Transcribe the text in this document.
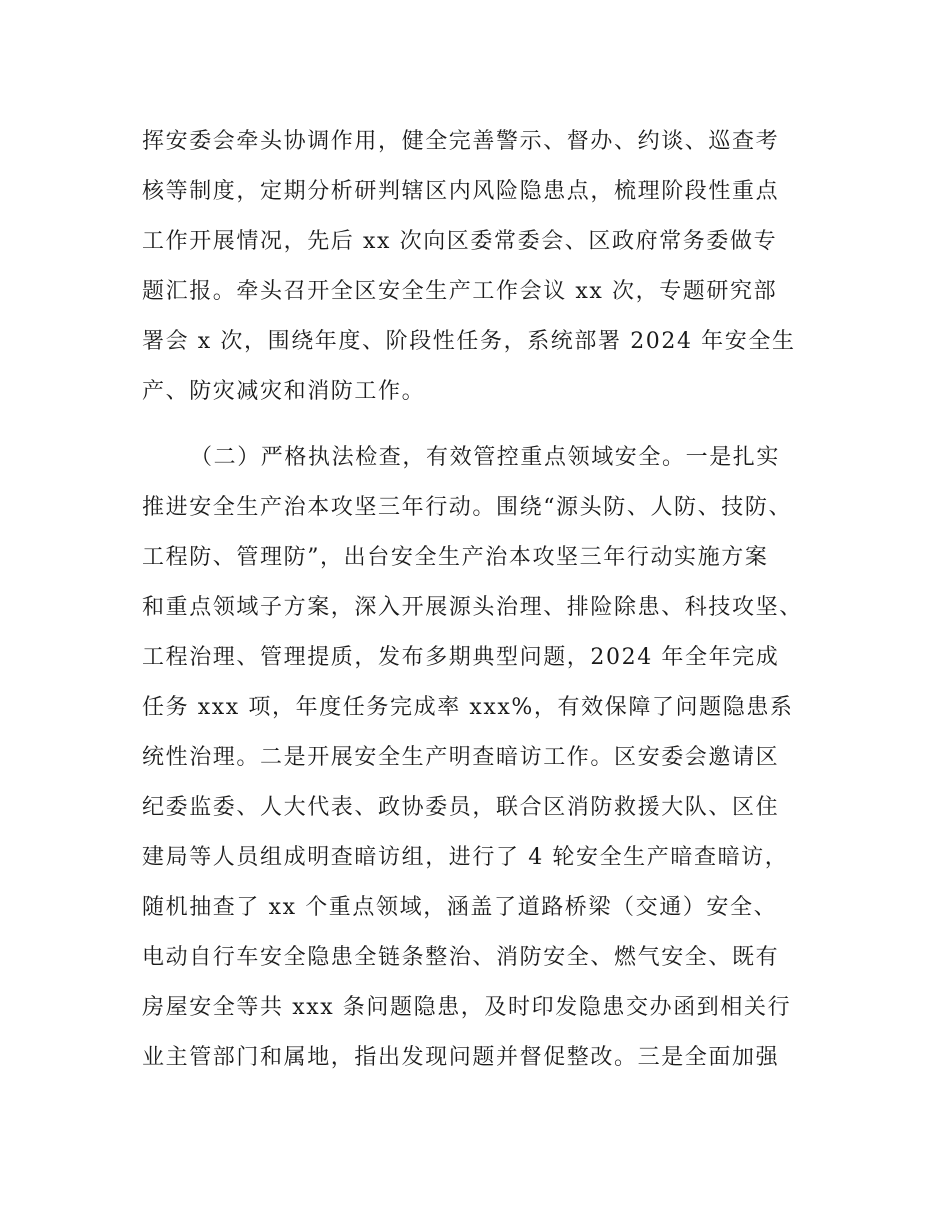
挥安委会牵头协调作用，健全完善警示、督办、约谈、巡查考
核等制度，定期分析研判辖区内风险隐患点，梳理阶段性重点
工作开展情况，先后 xx 次向区委常委会、区政府常务委做专
题汇报。牵头召开全区安全生产工作会议 xx 次，专题研究部
署会 x 次，围绕年度、阶段性任务，系统部署 2024 年安全生
产、防灾减灾和消防工作。
（二）严格执法检查，有效管控重点领域安全。一是扎实
推进安全生产治本攻坚三年行动。围绕“源头防、人防、技防、
工程防、管理防”，出台安全生产治本攻坚三年行动实施方案
和重点领域子方案，深入开展源头治理、排险除患、科技攻坚、
工程治理、管理提质，发布多期典型问题，2024 年全年完成
任务 xxx 项，年度任务完成率 xxx%，有效保障了问题隐患系
统性治理。二是开展安全生产明查暗访工作。区安委会邀请区
纪委监委、人大代表、政协委员，联合区消防救援大队、区住
建局等人员组成明查暗访组，进行了 4 轮安全生产暗查暗访，
随机抽查了 xx 个重点领域，涵盖了道路桥梁（交通）安全、
电动自行车安全隐患全链条整治、消防安全、燃气安全、既有
房屋安全等共 xxx 条问题隐患，及时印发隐患交办函到相关行
业主管部门和属地，指出发现问题并督促整改。三是全面加强
